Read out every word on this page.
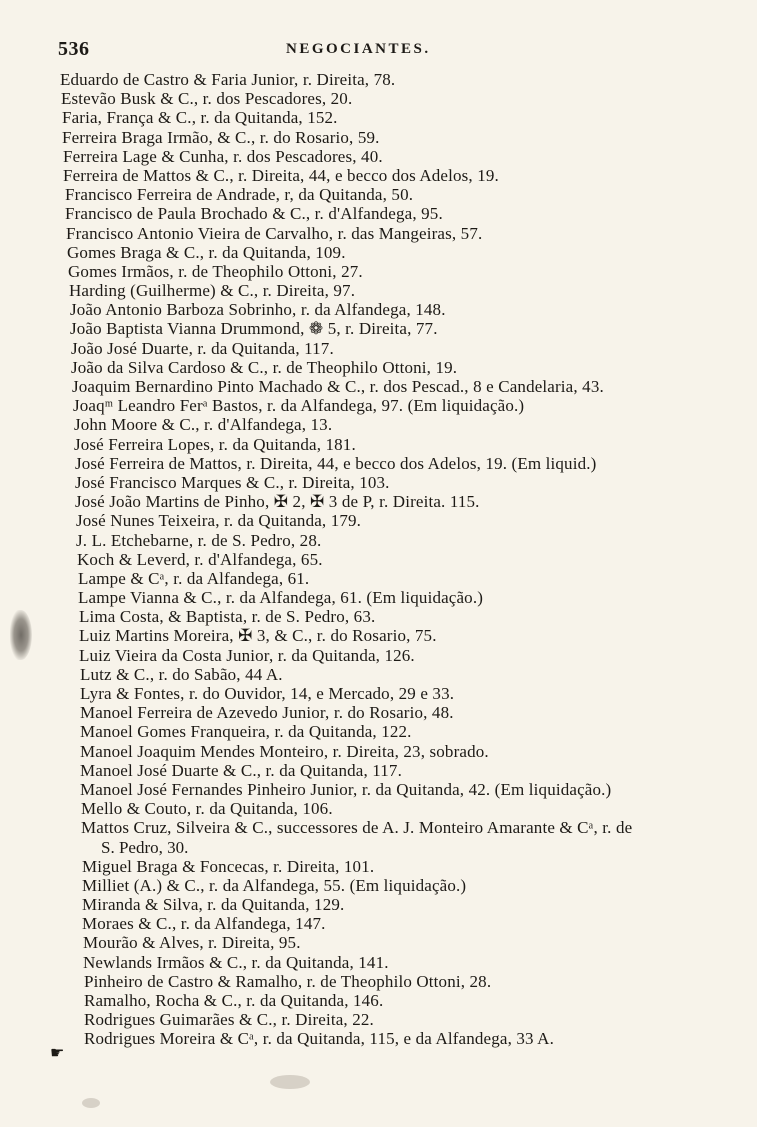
536	NEGOCIANTES.
Eduardo de Castro & Faria Junior, r. Direita, 78.
Estevão Busk & C., r. dos Pescadores, 20.
Faria, França & C., r. da Quitanda, 152.
Ferreira Braga Irmão, & C., r. do Rosario, 59.
Ferreira Lage & Cunha, r. dos Pescadores, 40.
Ferreira de Mattos & C., r. Direita, 44, e becco dos Adelos, 19.
Francisco Ferreira de Andrade, r, da Quitanda, 50.
Francisco de Paula Brochado & C., r. d'Alfandega, 95.
Francisco Antonio Vieira de Carvalho, r. das Mangeiras, 57.
Gomes Braga & C., r. da Quitanda, 109.
Gomes Irmãos, r. de Theophilo Ottoni, 27.
Harding (Guilherme) & C., r. Direita, 97.
João Antonio Barboza Sobrinho, r. da Alfandega, 148.
João Baptista Vianna Drummond, ❁ 5, r. Direita, 77.
João José Duarte, r. da Quitanda, 117.
João da Silva Cardoso & C., r. de Theophilo Ottoni, 19.
Joaquim Bernardino Pinto Machado & C., r. dos Pescad., 8 e Candelaria, 43.
Joaqᵐ Leandro Ferᵃ Bastos, r. da Alfandega, 97. (Em liquidação.)
John Moore & C., r. d'Alfandega, 13.
José Ferreira Lopes, r. da Quitanda, 181.
José Ferreira de Mattos, r. Direita, 44, e becco dos Adelos, 19. (Em liquid.)
José Francisco Marques & C., r. Direita, 103.
José João Martins de Pinho, ✠ 2, ✠ 3 de P, r. Direita. 115.
José Nunes Teixeira, r. da Quitanda, 179.
J. L. Etchebarne, r. de S. Pedro, 28.
Koch & Leverd, r. d'Alfandega, 65.
Lampe & Cᵃ, r. da Alfandega, 61.
Lampe Vianna & C., r. da Alfandega, 61. (Em liquidação.)
Lima Costa, & Baptista, r. de S. Pedro, 63.
Luiz Martins Moreira, ✠ 3, & C., r. do Rosario, 75.
Luiz Vieira da Costa Junior, r. da Quitanda, 126.
Lutz & C., r. do Sabão, 44 A.
Lyra & Fontes, r. do Ouvidor, 14, e Mercado, 29 e 33.
Manoel Ferreira de Azevedo Junior, r. do Rosario, 48.
Manoel Gomes Franqueira, r. da Quitanda, 122.
Manoel Joaquim Mendes Monteiro, r. Direita, 23, sobrado.
Manoel José Duarte & C., r. da Quitanda, 117.
Manoel José Fernandes Pinheiro Junior, r. da Quitanda, 42. (Em liquidação.)
Mello & Couto, r. da Quitanda, 106.
Mattos Cruz, Silveira & C., successores de A. J. Monteiro Amarante & Cᵃ, r. de
S. Pedro, 30.
Miguel Braga & Foncecas, r. Direita, 101.
Milliet (A.) & C., r. da Alfandega, 55. (Em liquidação.)
Miranda & Silva, r. da Quitanda, 129.
Moraes & C., r. da Alfandega, 147.
Mourão & Alves, r. Direita, 95.
Newlands Irmãos & C., r. da Quitanda, 141.
Pinheiro de Castro & Ramalho, r. de Theophilo Ottoni, 28.
Ramalho, Rocha & C., r. da Quitanda, 146.
Rodrigues Guimarães & C., r. Direita, 22.
Rodrigues Moreira & Cᵃ, r. da Quitanda, 115, e da Alfandega, 33 A.
☛
